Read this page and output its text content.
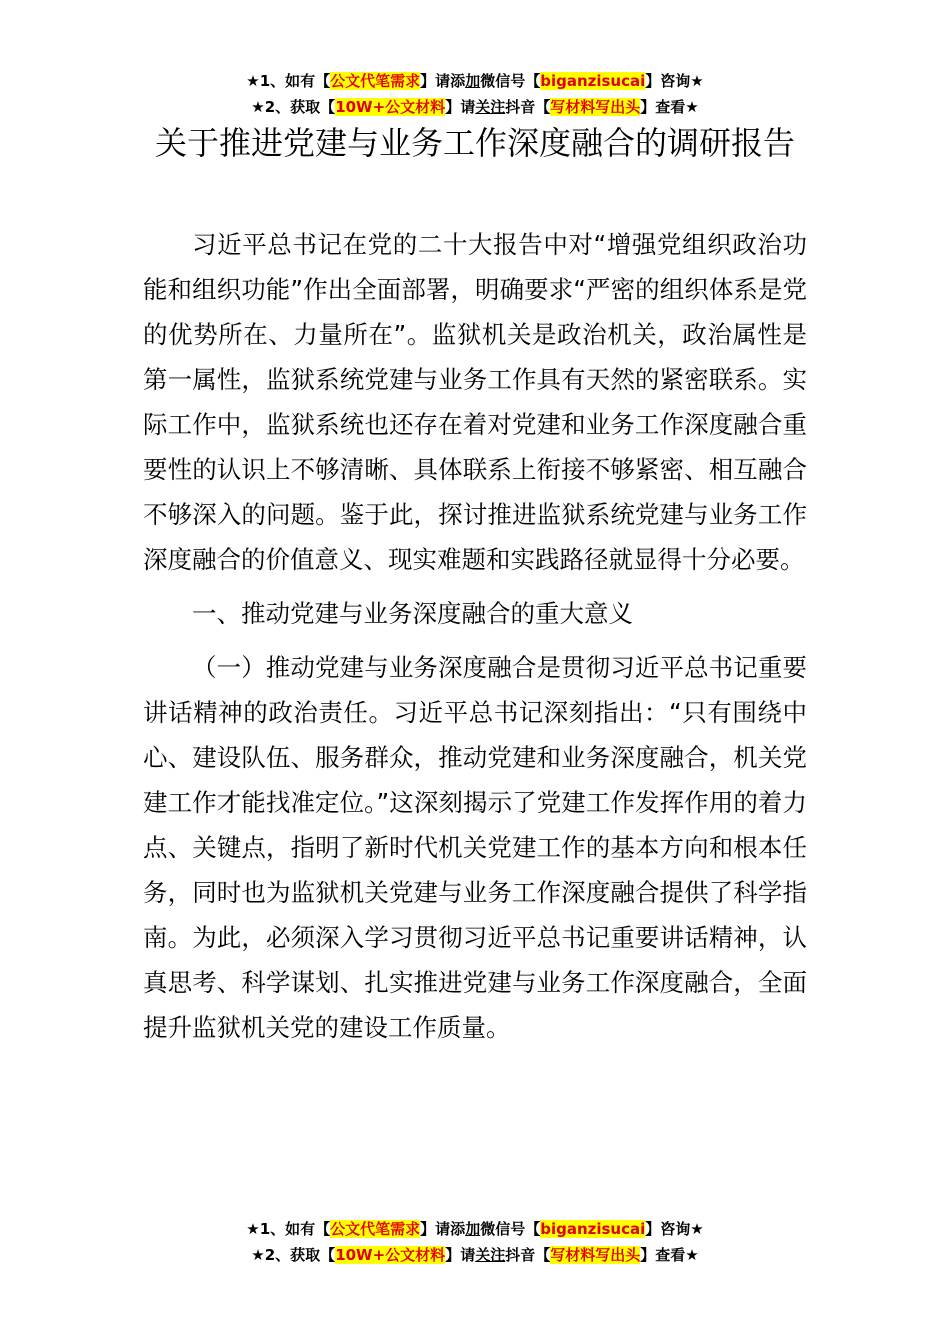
★1、如有【公文代笔需求】请添加微信号【biganzisucai】咨询★
★2、获取【10W+公文材料】请关注抖音【写材料写出头】查看★
关于推进党建与业务工作深度融合的调研报告

习近平总书记在党的二十大报告中对“增强党组织政治功能和组织功能”作出全面部署，明确要求“严密的组织体系是党的优势所在、力量所在”。监狱机关是政治机关，政治属性是第一属性，监狱系统党建与业务工作具有天然的紧密联系。实际工作中，监狱系统也还存在着对党建和业务工作深度融合重要性的认识上不够清晰、具体联系上衔接不够紧密、相互融合不够深入的问题。鉴于此，探讨推进监狱系统党建与业务工作深度融合的价值意义、现实难题和实践路径就显得十分必要。

一、推动党建与业务深度融合的重大意义

（一）推动党建与业务深度融合是贯彻习近平总书记重要讲话精神的政治责任。习近平总书记深刻指出：“只有围绕中心、建设队伍、服务群众，推动党建和业务深度融合，机关党建工作才能找准定位。”这深刻揭示了党建工作发挥作用的着力点、关键点，指明了新时代机关党建工作的基本方向和根本任务，同时也为监狱机关党建与业务工作深度融合提供了科学指南。为此，必须深入学习贯彻习近平总书记重要讲话精神，认真思考、科学谋划、扎实推进党建与业务工作深度融合，全面提升监狱机关党的建设工作质量。

★1、如有【公文代笔需求】请添加微信号【biganzisucai】咨询★
★2、获取【10W+公文材料】请关注抖音【写材料写出头】查看★
